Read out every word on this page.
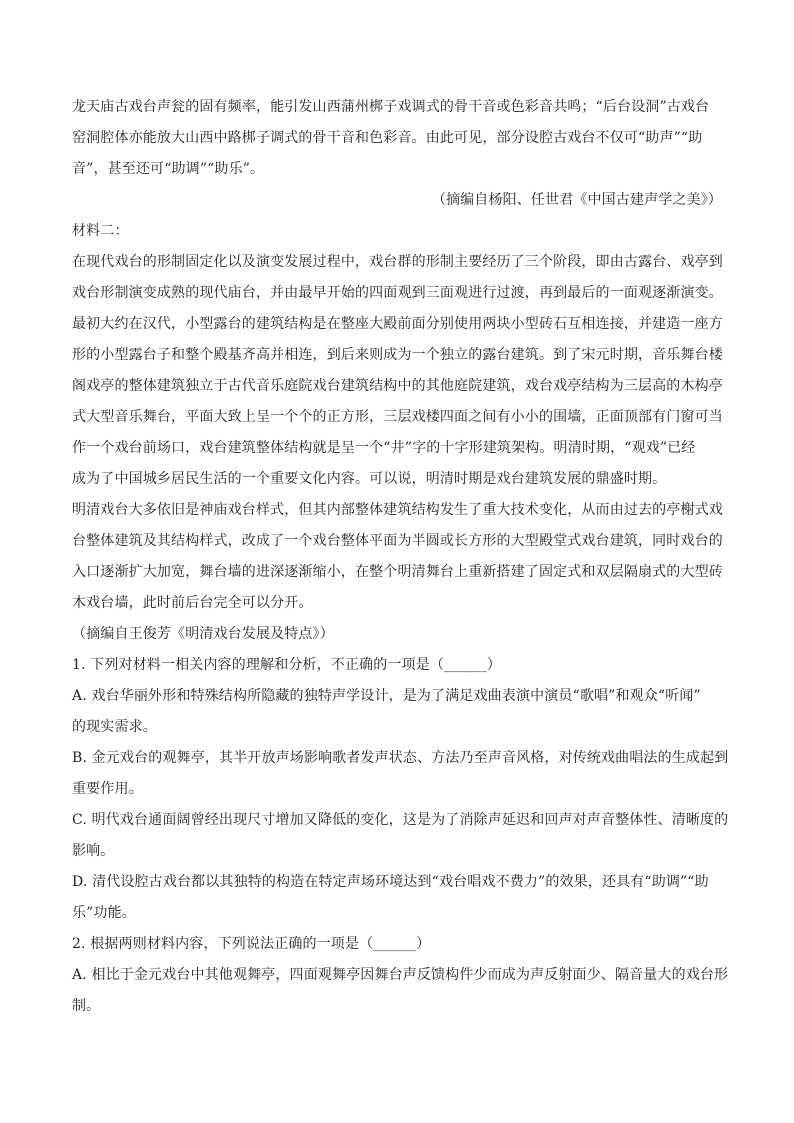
龙天庙古戏台声瓮的固有频率，能引发山西蒲州梆子戏调式的骨干音或色彩音共鸣；“后台设洞”古戏台
窑洞腔体亦能放大山西中路梆子调式的骨干音和色彩音。由此可见，部分设腔古戏台不仅可“助声”“助
音”，甚至还可“助调”“助乐”。
（摘编自杨阳、任世君《中国古建声学之美》）
材料二：
在现代戏台的形制固定化以及演变发展过程中，戏台群的形制主要经历了三个阶段，即由古露台、戏亭到
戏台形制演变成熟的现代庙台，并由最早开始的四面观到三面观进行过渡，再到最后的一面观逐渐演变。
最初大约在汉代，小型露台的建筑结构是在整座大殿前面分别使用两块小型砖石互相连接，并建造一座方
形的小型露台子和整个殿基齐高并相连，到后来则成为一个独立的露台建筑。到了宋元时期，音乐舞台楼
阁戏亭的整体建筑独立于古代音乐庭院戏台建筑结构中的其他庭院建筑，戏台戏亭结构为三层高的木构亭
式大型音乐舞台，平面大致上呈一个个的正方形，三层戏楼四面之间有小小的围墙，正面顶部有门窗可当
作一个戏台前场口，戏台建筑整体结构就是呈一个“井”字的十字形建筑架构。明清时期，“观戏”已经
成为了中国城乡居民生活的一个重要文化内容。可以说，明清时期是戏台建筑发展的鼎盛时期。
明清戏台大多依旧是神庙戏台样式，但其内部整体建筑结构发生了重大技术变化，从而由过去的亭榭式戏
台整体建筑及其结构样式，改成了一个戏台整体平面为半圆或长方形的大型殿堂式戏台建筑，同时戏台的
入口逐渐扩大加宽，舞台墙的进深逐渐缩小，在整个明清舞台上重新搭建了固定式和双层隔扇式的大型砖
木戏台墙，此时前后台完全可以分开。
（摘编自王俊芳《明清戏台发展及特点》）
1. 下列对材料一相关内容的理解和分析，不正确的一项是（______）
A. 戏台华丽外形和特殊结构所隐藏的独特声学设计，是为了满足戏曲表演中演员“歌唱”和观众“听闻”
的现实需求。
B. 金元戏台的观舞亭，其半开放声场影响歌者发声状态、方法乃至声音风格，对传统戏曲唱法的生成起到
重要作用。
C. 明代戏台通面阔曾经出现尺寸增加又降低的变化，这是为了消除声延迟和回声对声音整体性、清晰度的
影响。
D. 清代设腔古戏台都以其独特的构造在特定声场环境达到“戏台唱戏不费力”的效果，还具有“助调”“助
乐”功能。
2. 根据两则材料内容，下列说法正确的一项是（______）
A. 相比于金元戏台中其他观舞亭，四面观舞亭因舞台声反馈构件少而成为声反射面少、隔音量大的戏台形
制。
